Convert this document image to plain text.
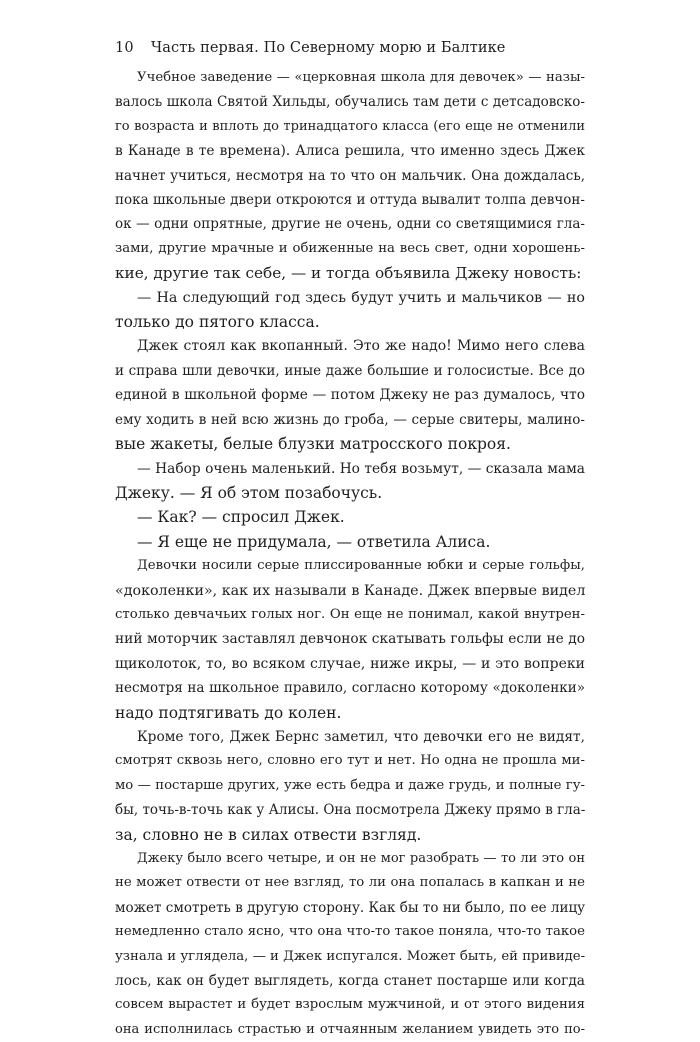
10 Часть первая. По Северному морю и Балтике
Учебное заведение — «церковная школа для девочек» — назы-
валось школа Святой Хильды, обучались там дети с детсадовско-
го возраста и вплоть до тринадцатого класса (его еще не отменили
в Канаде в те времена). Алиса решила, что именно здесь Джек
начнет учиться, несмотря на то что он мальчик. Она дождалась,
пока школьные двери откроются и оттуда вывалит толпа девчон-
ок — одни опрятные, другие не очень, одни со светящимися гла-
зами, другие мрачные и обиженные на весь свет, одни хорошень-
кие, другие так себе, — и тогда объявила Джеку новость:
— На следующий год здесь будут учить и мальчиков — но
только до пятого класса.
Джек стоял как вкопанный. Это же надо! Мимо него слева
и справа шли девочки, иные даже большие и голосистые. Все до
единой в школьной форме — потом Джеку не раз думалось, что
ему ходить в ней всю жизнь до гроба, — серые свитеры, малино-
вые жакеты, белые блузки матросского покроя.
— Набор очень маленький. Но тебя возьмут, — сказала мама
Джеку. — Я об этом позабочусь.
— Как? — спросил Джек.
— Я еще не придумала, — ответила Алиса.
Девочки носили серые плиссированные юбки и серые гольфы,
«доколенки», как их называли в Канаде. Джек впервые видел
столько девчачьих голых ног. Он еще не понимал, какой внутрен-
ний моторчик заставлял девчонок скатывать гольфы если не до
щиколоток, то, во всяком случае, ниже икры, — и это вопреки
несмотря на школьное правило, согласно которому «доколенки»
надо подтягивать до колен.
Кроме того, Джек Бернс заметил, что девочки его не видят,
смотрят сквозь него, словно его тут и нет. Но одна не прошла ми-
мо — постарше других, уже есть бедра и даже грудь, и полные гу-
бы, точь-в-точь как у Алисы. Она посмотрела Джеку прямо в гла-
за, словно не в силах отвести взгляд.
Джеку было всего четыре, и он не мог разобрать — то ли это он
не может отвести от нее взгляд, то ли она попалась в капкан и не
может смотреть в другую сторону. Как бы то ни было, по ее лицу
немедленно стало ясно, что она что-то такое поняла, что-то такое
узнала и углядела, — и Джек испугался. Может быть, ей привиде-
лось, как он будет выглядеть, когда станет постарше или когда
совсем вырастет и будет взрослым мужчиной, и от этого видения
она исполнилась страстью и отчаянным желанием увидеть это по-
